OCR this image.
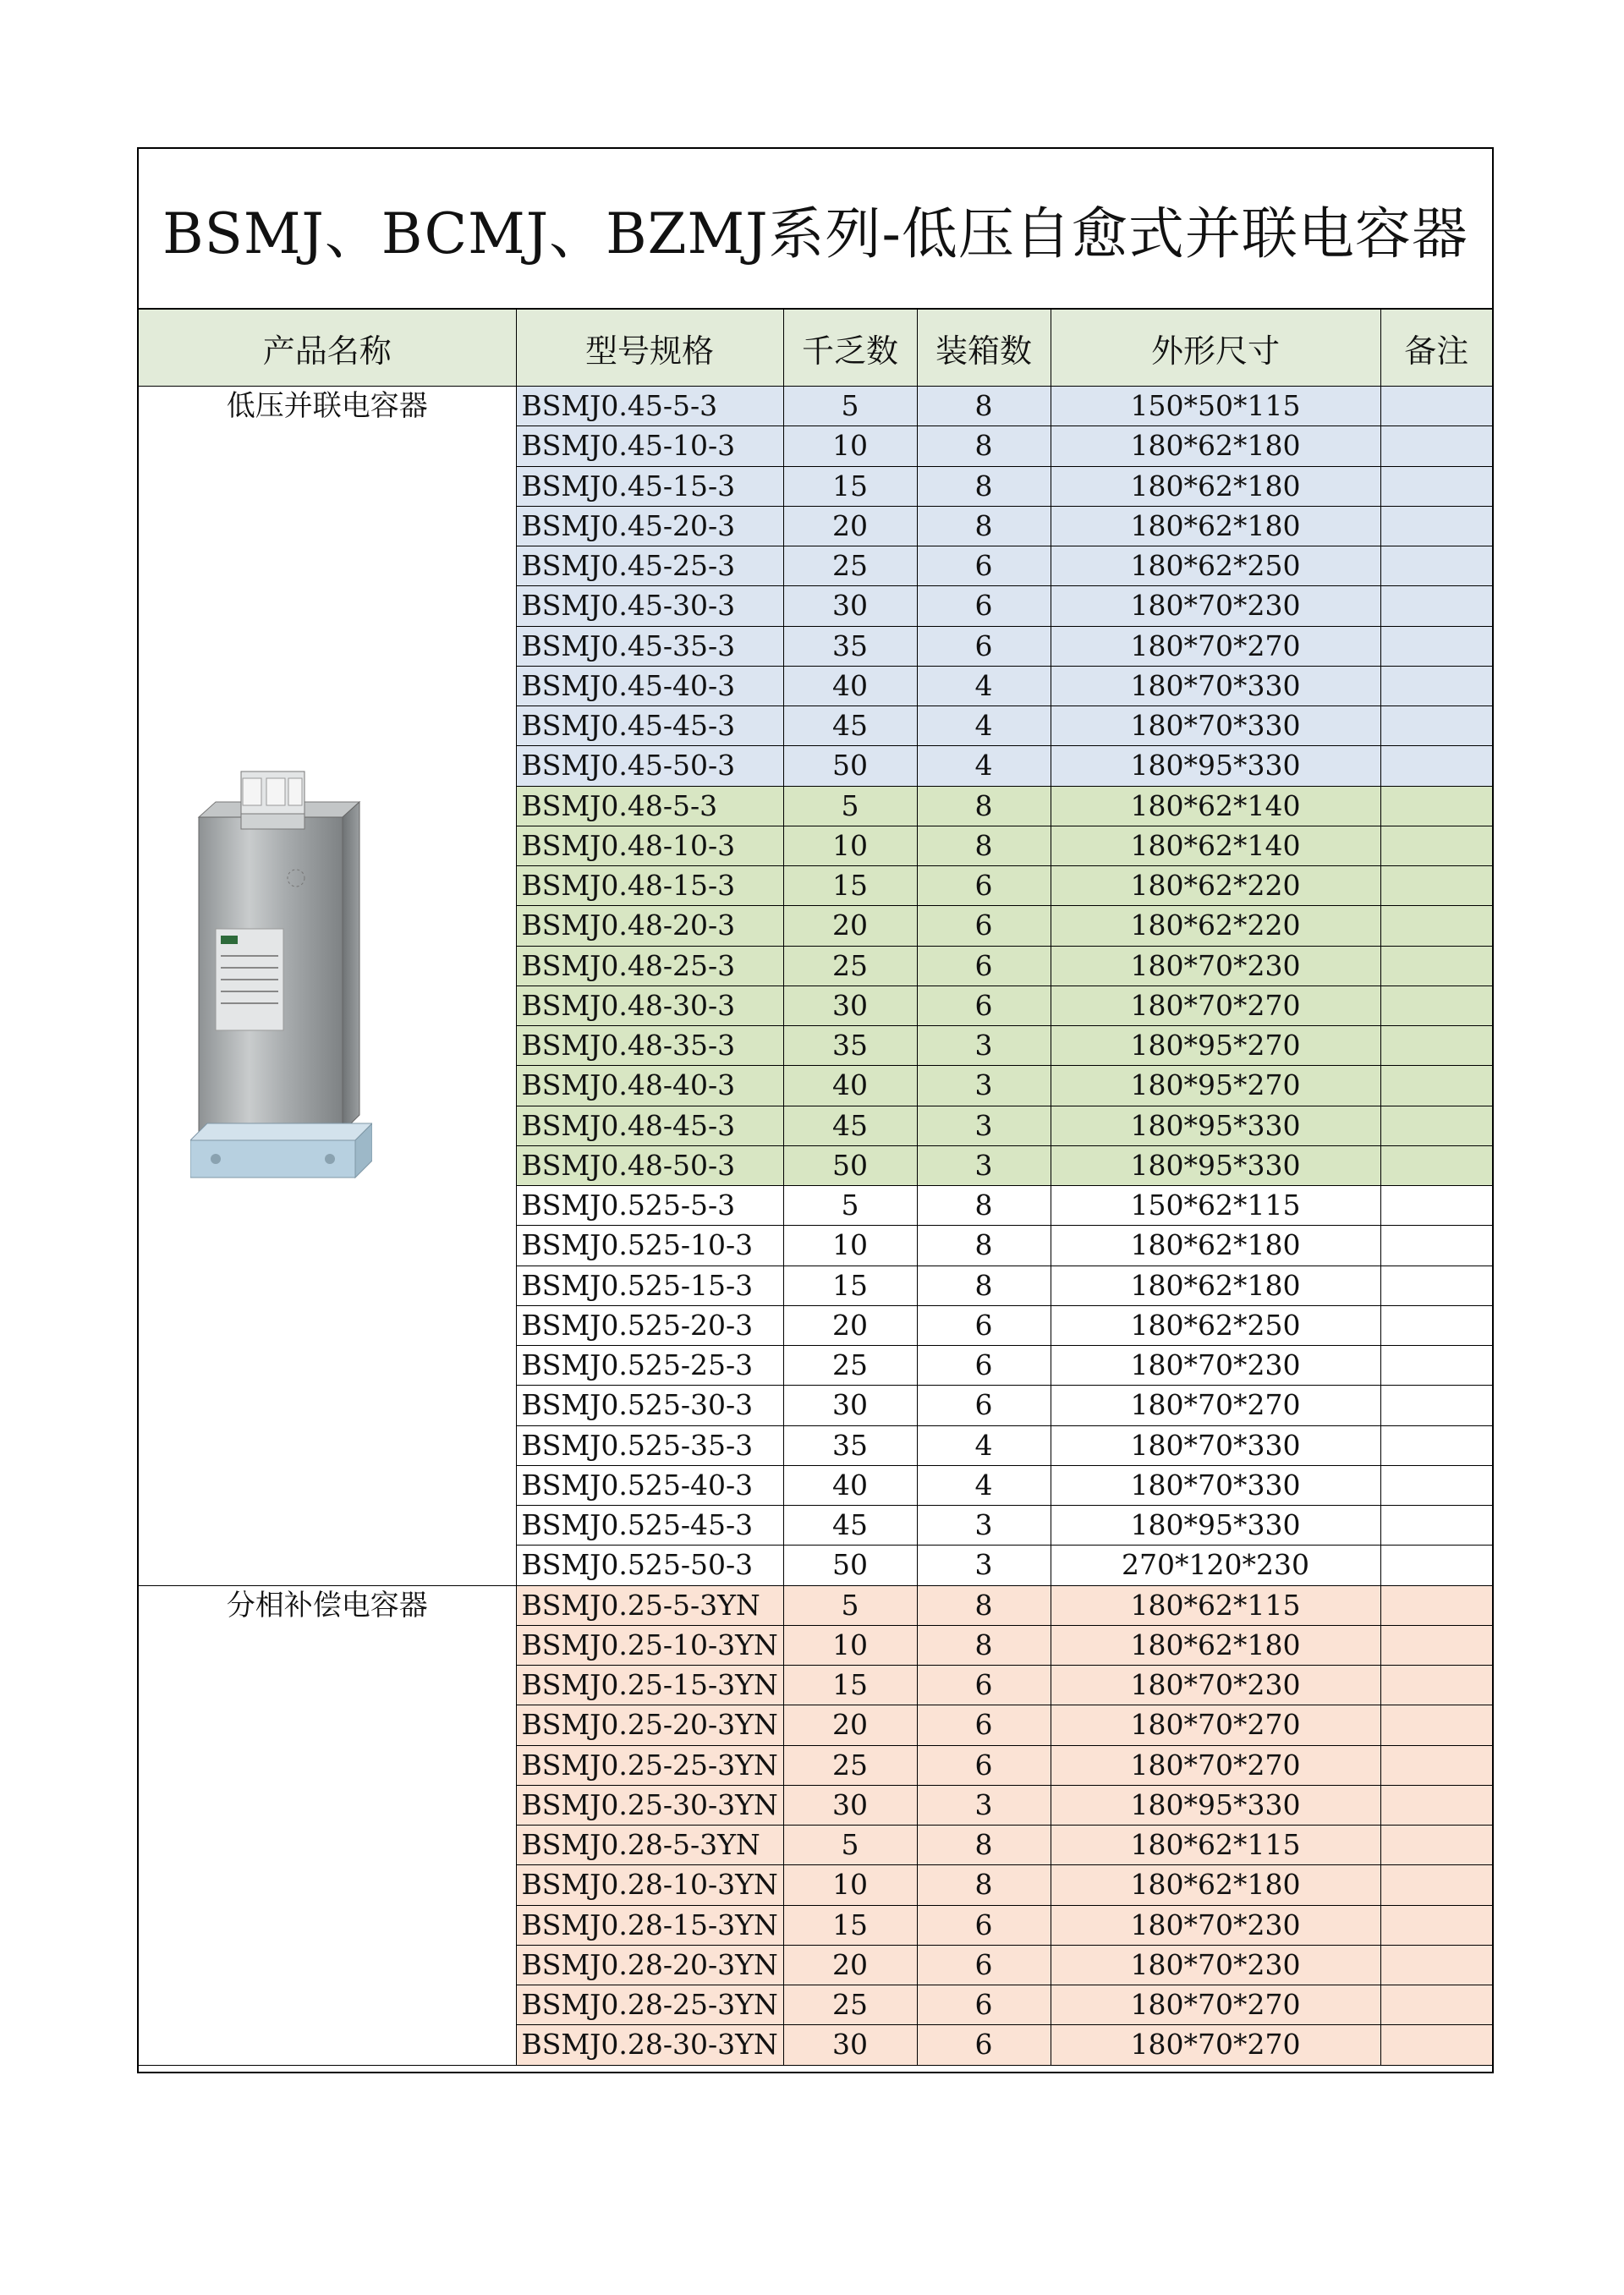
BSMJ、BCMJ、BZMJ系列-低压自愈式并联电容器
产品名称	型号规格	千乏数	装箱数	外形尺寸	备注

低压并联电容器	BSMJ0.45-5-3	5	8	150*50*115	
	BSMJ0.45-10-3	10	8	180*62*180	
	BSMJ0.45-15-3	15	8	180*62*180	
	BSMJ0.45-20-3	20	8	180*62*180	
	BSMJ0.45-25-3	25	6	180*62*250	
	BSMJ0.45-30-3	30	6	180*70*230	
	BSMJ0.45-35-3	35	6	180*70*270	
	BSMJ0.45-40-3	40	4	180*70*330	
	BSMJ0.45-45-3	45	4	180*70*330	
	BSMJ0.45-50-3	50	4	180*95*330	
	BSMJ0.48-5-3	5	8	180*62*140	
	BSMJ0.48-10-3	10	8	180*62*140	
	BSMJ0.48-15-3	15	6	180*62*220	
	BSMJ0.48-20-3	20	6	180*62*220	
	BSMJ0.48-25-3	25	6	180*70*230	
	BSMJ0.48-30-3	30	6	180*70*270	
	BSMJ0.48-35-3	35	3	180*95*270	
	BSMJ0.48-40-3	40	3	180*95*270	
	BSMJ0.48-45-3	45	3	180*95*330	
	BSMJ0.48-50-3	50	3	180*95*330	
	BSMJ0.525-5-3	5	8	150*62*115	
	BSMJ0.525-10-3	10	8	180*62*180	
	BSMJ0.525-15-3	15	8	180*62*180	
	BSMJ0.525-20-3	20	6	180*62*250	
	BSMJ0.525-25-3	25	6	180*70*230	
	BSMJ0.525-30-3	30	6	180*70*270	
	BSMJ0.525-35-3	35	4	180*70*330	
	BSMJ0.525-40-3	40	4	180*70*330	
	BSMJ0.525-45-3	45	3	180*95*330	
	BSMJ0.525-50-3	50	3	270*120*230	

分相补偿电容器	BSMJ0.25-5-3YN	5	8	180*62*115	
	BSMJ0.25-10-3YN	10	8	180*62*180	
	BSMJ0.25-15-3YN	15	6	180*70*230	
	BSMJ0.25-20-3YN	20	6	180*70*270	
	BSMJ0.25-25-3YN	25	6	180*70*270	
	BSMJ0.25-30-3YN	30	3	180*95*330	
	BSMJ0.28-5-3YN	5	8	180*62*115	
	BSMJ0.28-10-3YN	10	8	180*62*180	
	BSMJ0.28-15-3YN	15	6	180*70*230	
	BSMJ0.28-20-3YN	20	6	180*70*230	
	BSMJ0.28-25-3YN	25	6	180*70*270	
	BSMJ0.28-30-3YN	30	6	180*70*270	
